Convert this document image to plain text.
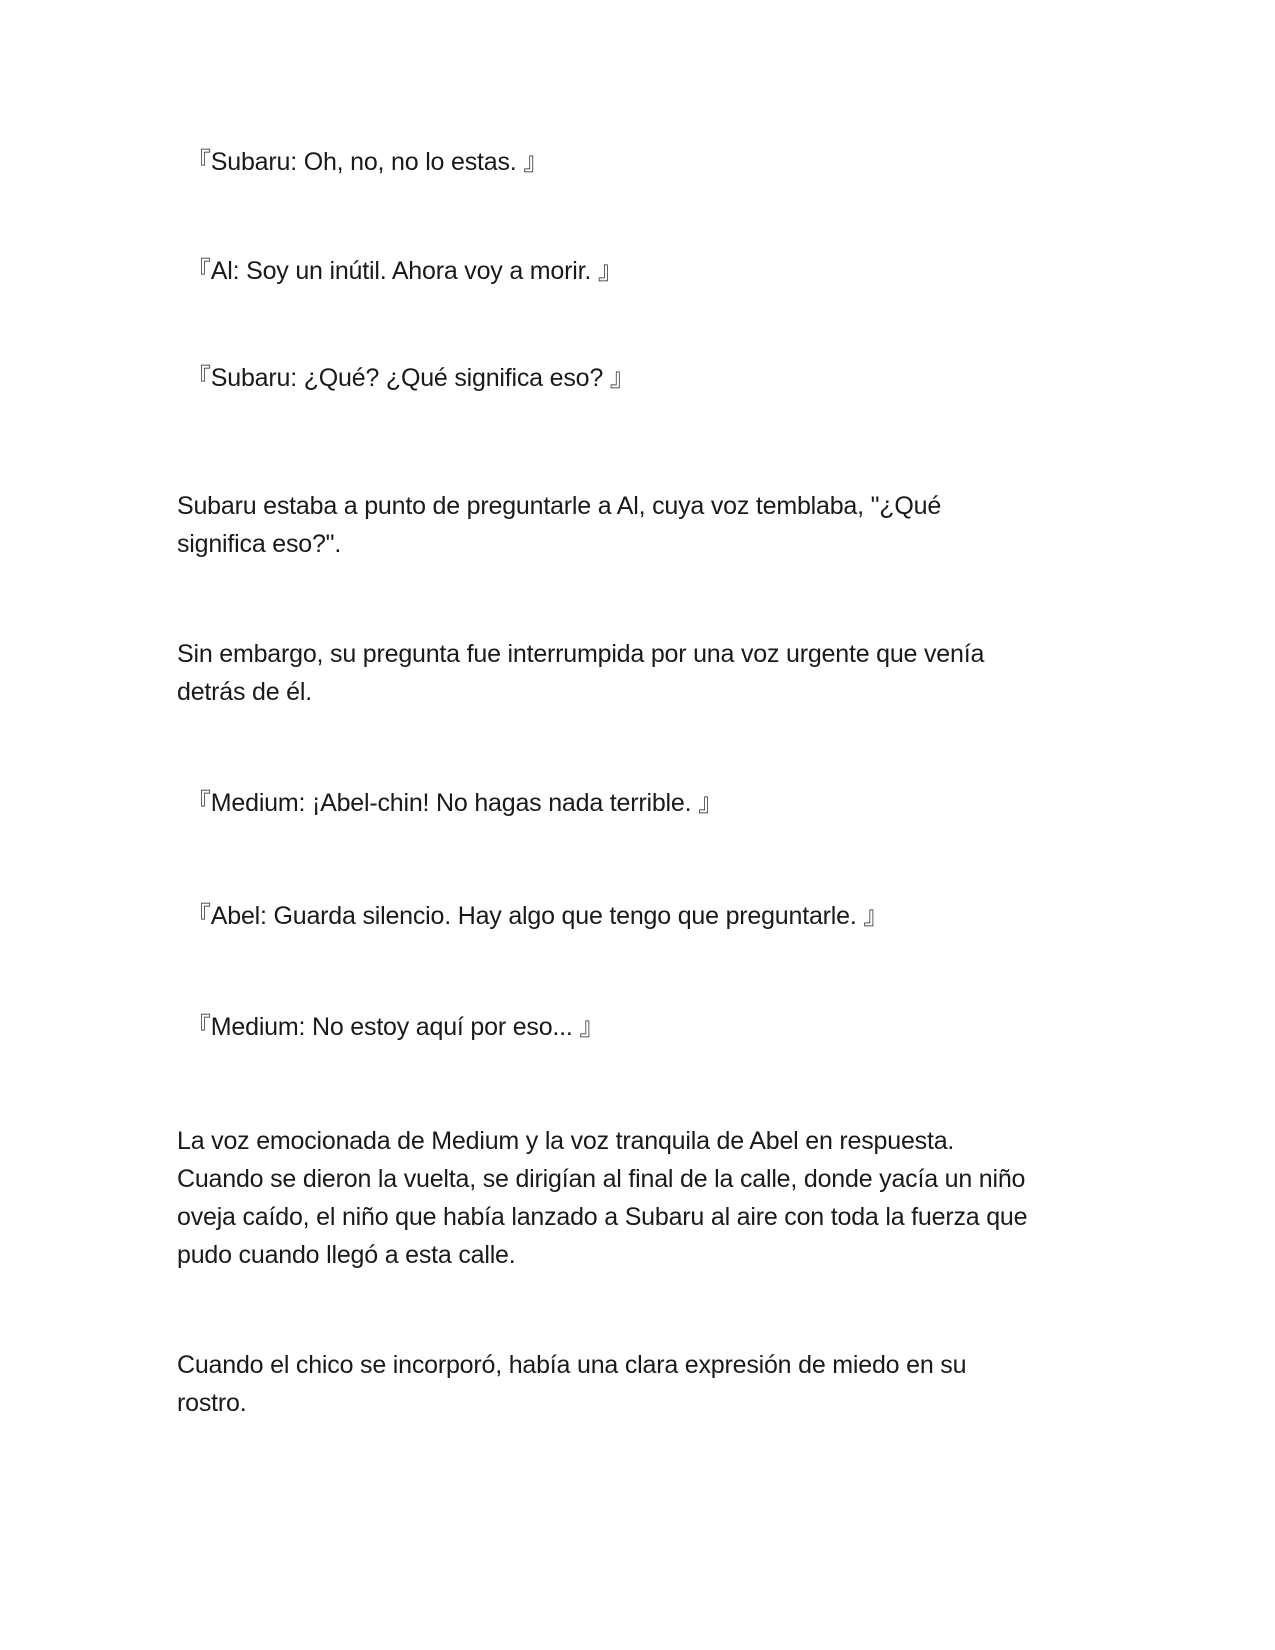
『Subaru: Oh, no, no lo estas. 』

『Al: Soy un inútil. Ahora voy a morir. 』

『Subaru: ¿Qué? ¿Qué significa eso? 』

Subaru estaba a punto de preguntarle a Al, cuya voz temblaba, "¿Qué
significa eso?".
Sin embargo, su pregunta fue interrumpida por una voz urgente que venía
detrás de él.

『Medium: ¡Abel-chin! No hagas nada terrible. 』

『Abel: Guarda silencio. Hay algo que tengo que preguntarle. 』

『Medium: No estoy aquí por eso... 』

La voz emocionada de Medium y la voz tranquila de Abel en respuesta.
Cuando se dieron la vuelta, se dirigían al final de la calle, donde yacía un niño
oveja caído, el niño que había lanzado a Subaru al aire con toda la fuerza que
pudo cuando llegó a esta calle.
Cuando el chico se incorporó, había una clara expresión de miedo en su
rostro.
